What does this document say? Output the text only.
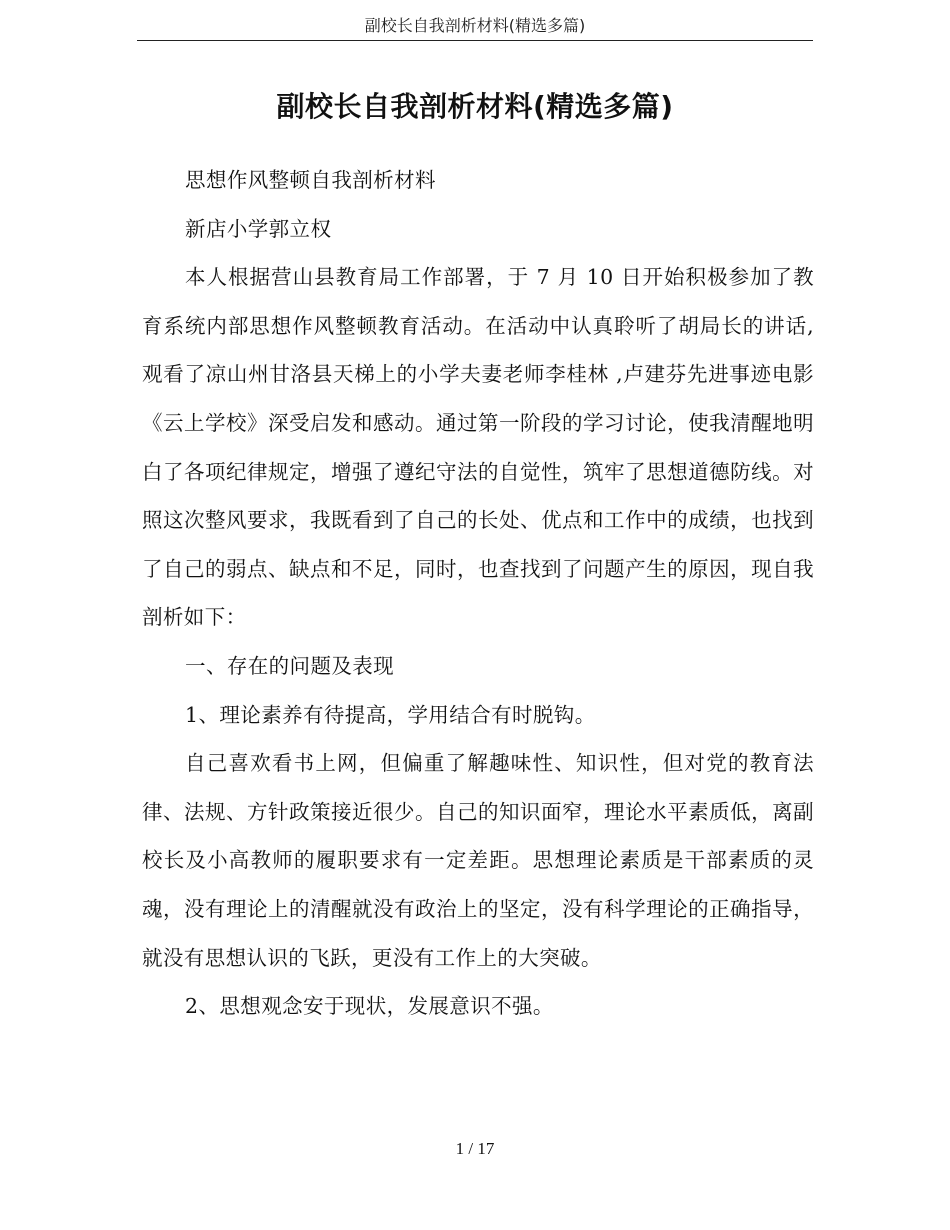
副校长自我剖析材料(精选多篇)
副校长自我剖析材料(精选多篇)

思想作风整顿自我剖析材料

新店小学郭立权

本人根据营山县教育局工作部署，于 7 月 10 日开始积极参加了教育系统内部思想作风整顿教育活动。在活动中认真聆听了胡局长的讲话,观看了凉山州甘洛县天梯上的小学夫妻老师李桂林 ,卢建芬先进事迹电影《云上学校》深受启发和感动。通过第一阶段的学习讨论，使我清醒地明白了各项纪律规定，增强了遵纪守法的自觉性，筑牢了思想道德防线。对照这次整风要求，我既看到了自己的长处、优点和工作中的成绩，也找到了自己的弱点、缺点和不足，同时，也查找到了问题产生的原因，现自我剖析如下：

一、存在的问题及表现

1、理论素养有待提高，学用结合有时脱钩。

自己喜欢看书上网，但偏重了解趣味性、知识性，但对党的教育法律、法规、方针政策接近很少。自己的知识面窄，理论水平素质低，离副校长及小高教师的履职要求有一定差距。思想理论素质是干部素质的灵魂，没有理论上的清醒就没有政治上的坚定，没有科学理论的正确指导，就没有思想认识的飞跃，更没有工作上的大突破。

2、思想观念安于现状，发展意识不强。

1 / 17
